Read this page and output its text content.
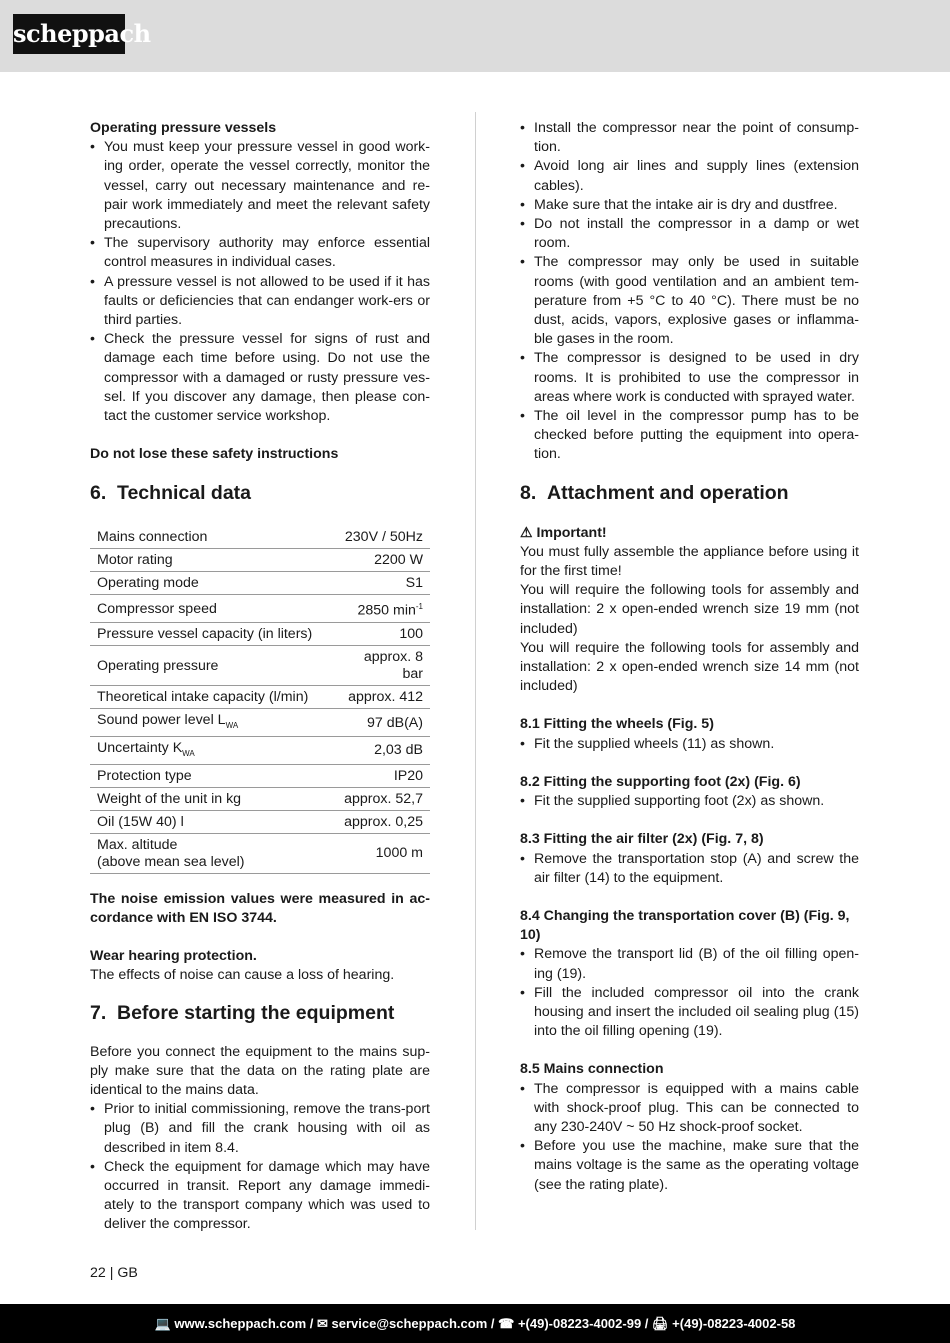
scheppach

Operating pressure vessels

• You must keep your pressure vessel in good work-ing order, operate the vessel correctly, monitor the vessel, carry out necessary maintenance and re-pair work immediately and meet the relevant safety precautions.
• The supervisory authority may enforce essential control measures in individual cases.
• A pressure vessel is not allowed to be used if it has faults or deficiencies that can endanger work-ers or third parties.
• Check the pressure vessel for signs of rust and damage each time before using. Do not use the compressor with a damaged or rusty pressure ves-sel. If you discover any damage, then please con-tact the customer service workshop.

Do not lose these safety instructions

6. Technical data
Mains connection	230V / 50Hz
Motor rating	2200 W
Operating mode	S1
Compressor speed	2850 $\min^{-1}$
Pressure vessel capacity (in liters)	100
Operating pressure	approx. 8
bar
Theoretical intake capacity (l/min)	approx. 412
Sound power level $L_{WA}$	97 dB(A)
Uncertainty $K_{WA}$	2,03 dB
Protection type	IP20
Weight of the unit in kg	approx. 52,7
Oil (15W 40) l	approx. 0,25
Max. altitude
(above mean sea level)	1000 m

The noise emission values were measured in ac-cordance with EN ISO 3744.

Wear hearing protection.

The effects of noise can cause a loss of hearing.

7. Before starting the equipment

Before you connect the equipment to the mains sup-ply make sure that the data on the rating plate are identical to the mains data.

• Prior to initial commissioning, remove the trans-port plug (B) and fill the crank housing with oil as described in item 8.4.
• Check the equipment for damage which may have occurred in transit. Report any damage immedi-ately to the transport company which was used to deliver the compressor.
• Install the compressor near the point of consump-tion.
• Avoid long air lines and supply lines (extension cables).
• Make sure that the intake air is dry and dustfree.
• Do not install the compressor in a damp or wet room.
• The compressor may only be used in suitable rooms (with good ventilation and an ambient tem-perature from +5 °C to 40 °C). There must be no dust, acids, vapors, explosive gases or inflamma-ble gases in the room.
• The compressor is designed to be used in dry rooms. It is prohibited to use the compressor in areas where work is conducted with sprayed water.
• The oil level in the compressor pump has to be checked before putting the equipment into opera-tion.
8. Attachment and operation

⚠ Important!

You must fully assemble the appliance before using it for the first time!

You will require the following tools for assembly and installation: 2 x open-ended wrench size 19 mm (not included)

You will require the following tools for assembly and installation: 2 x open-ended wrench size 14 mm (not included)

8.1 Fitting the wheels (Fig. 5)

• Fit the supplied wheels (11) as shown.

8.2 Fitting the supporting foot (2x) (Fig. 6)

• Fit the supplied supporting foot (2x) as shown.

8.3 Fitting the air filter (2x) (Fig. 7, 8)

• Remove the transportation stop (A) and screw the air filter (14) to the equipment.

8.4 Changing the transportation cover (B) (Fig. 9, 10)

• Remove the transport lid (B) of the oil filling open-ing (19).
• Fill the included compressor oil into the crank housing and insert the included oil sealing plug (15) into the oil filling opening (19).

8.5 Mains connection

• The compressor is equipped with a mains cable with shock-proof plug. This can be connected to any 230-240V ~ 50 Hz shock-proof socket.
• Before you use the machine, make sure that the mains voltage is the same as the operating voltage (see the rating plate).
22 | GB
💻 www.scheppach.com / ✉ service@scheppach.com / ☎ +(49)-08223-4002-99 / 🖨 +(49)-08223-4002-58
